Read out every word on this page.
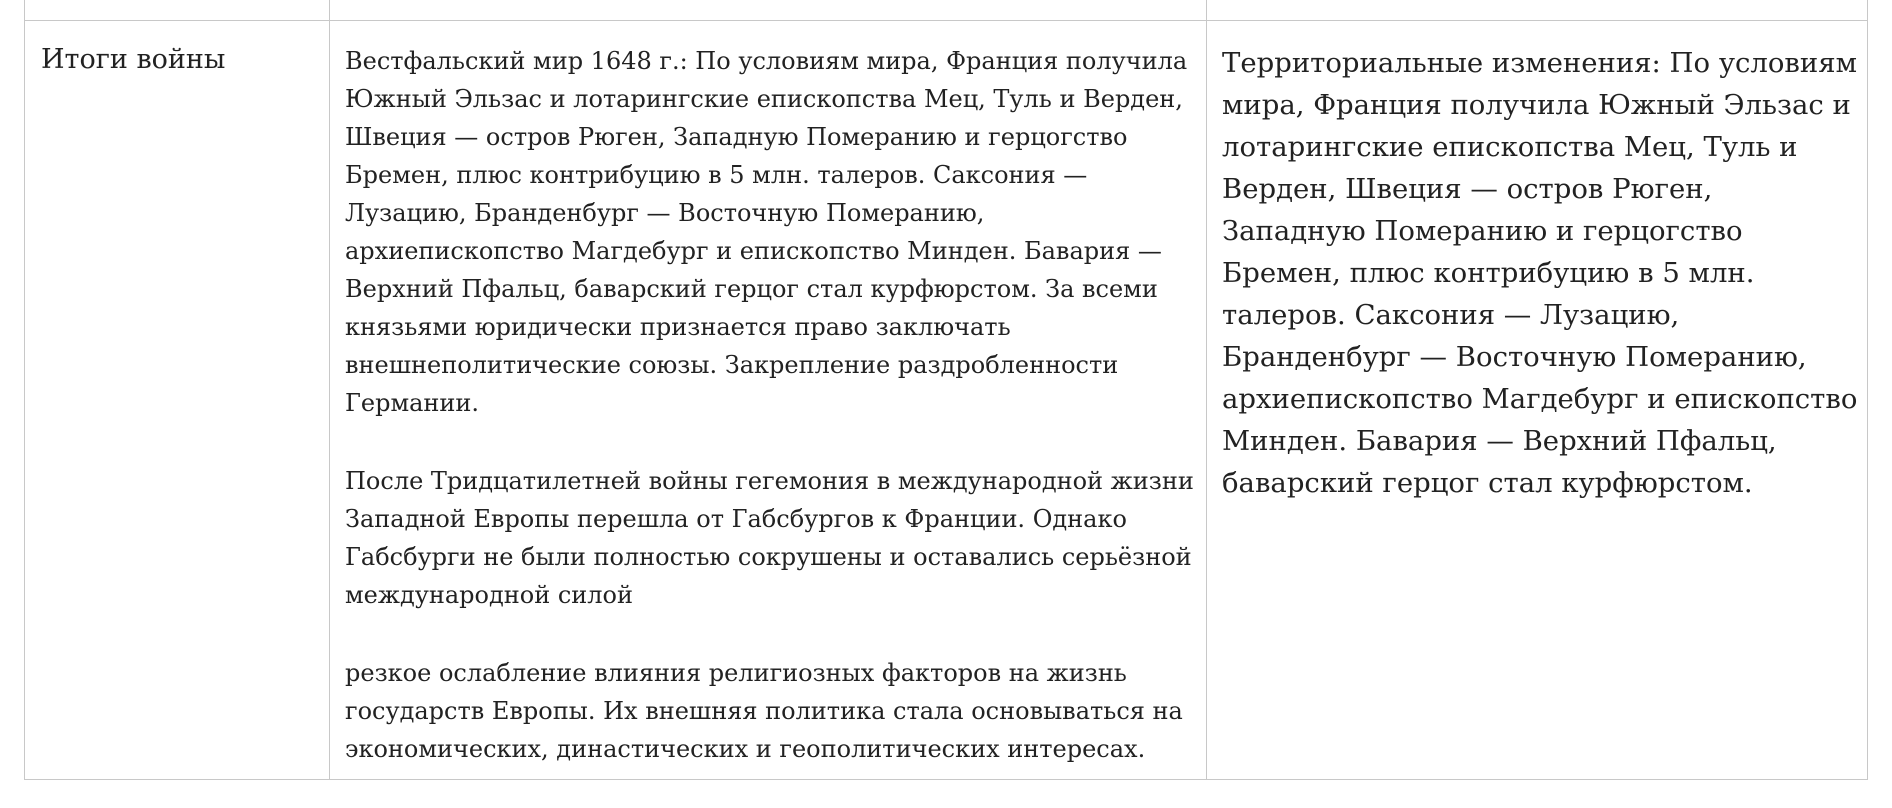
Итоги войны	Вестфальский мир 1648 г.: По условиям мира, Франция получила Южный Эльзас и лотарингские епископства Мец, Туль и Верден, Швеция — остров Рюген, Западную Померанию и герцогство Бремен, плюс контрибуцию в 5 млн. талеров. Саксония — Лузацию, Бранденбург — Восточную Померанию, архиепископство Магдебург и епископство Минден. Бавария — Верхний Пфальц, баварский герцог стал курфюрстом. За всеми князьями юридически признается право заключать внешнеполитические союзы. Закрепление раздробленности Германии.

После Тридцатилетней войны гегемония в международной жизни Западной Европы перешла от Габсбургов к Франции. Однако Габсбурги не были полностью сокрушены и оставались серьёзной международной силой

резкое ослабление влияния религиозных факторов на жизнь государств Европы. Их внешняя политика стала основываться на экономических, династических и геополитических интересах.

Территориальные изменения: По условиям мира, Франция получила Южный Эльзас и лотарингские епископства Мец, Туль и Верден, Швеция — остров Рюген, Западную Померанию и герцогство Бремен, плюс контрибуцию в 5 млн. талеров. Саксония — Лузацию, Бранденбург — Восточную Померанию, архиепископство Магдебург и епископство Минден. Бавария — Верхний Пфальц, баварский герцог стал курфюрстом.
